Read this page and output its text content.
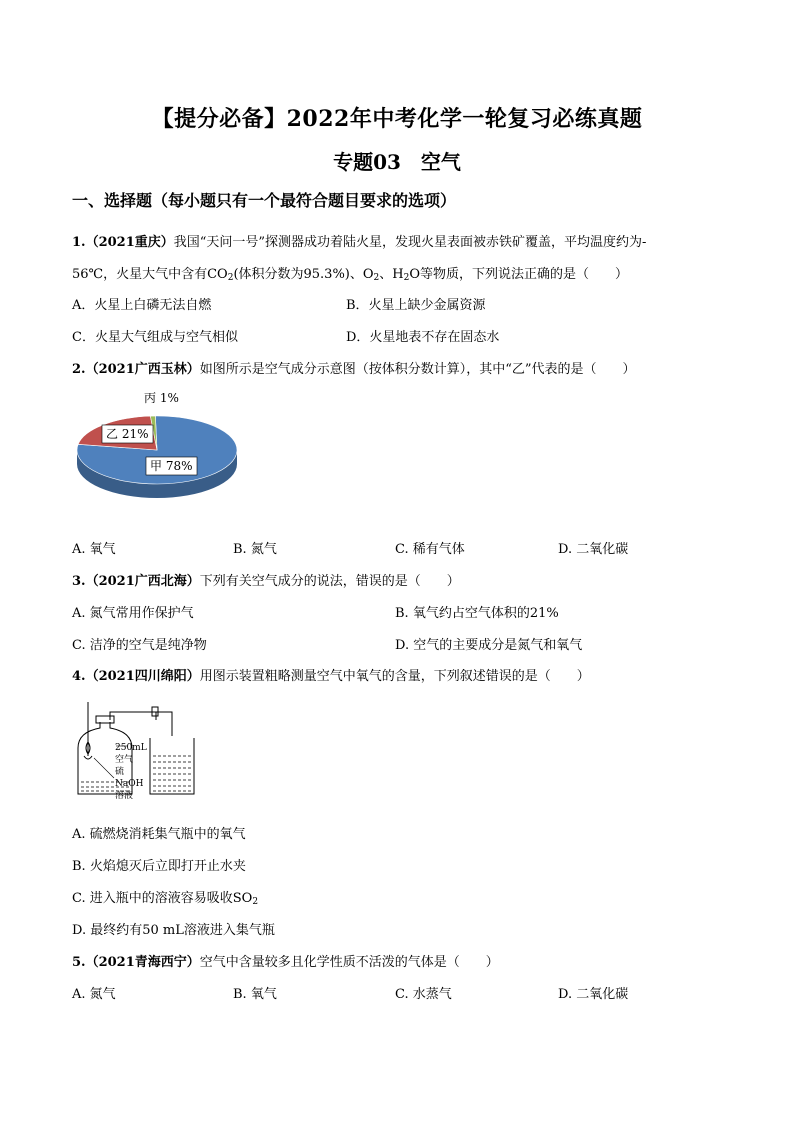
【提分必备】2022年中考化学一轮复习必练真题
专题03　空气
一、选择题（每小题只有一个最符合题目要求的选项）
1.（2021重庆）我国“天问一号”探测器成功着陆火星，发现火星表面被赤铁矿覆盖，平均温度约为-
56℃，火星大气中含有$CO_2$(体积分数为95.3%)、$O_2$、$H_2O$等物质，下列说法正确的是（　　）
A．火星上白磷无法自燃	B．火星上缺少金属资源
C．火星大气组成与空气相似	D．火星地表不存在固态水
2.（2021广西玉林）如图所示是空气成分示意图（按体积分数计算），其中“乙”代表的是（　　）
甲 78%
乙 21%
丙 1%
A. 氧气	B. 氮气	C. 稀有气体	D. 二氧化碳
3.（2021广西北海）下列有关空气成分的说法，错误的是（　　）
A. 氮气常用作保护气	B. 氧气约占空气体积的21%
C. 洁净的空气是纯净物	D. 空气的主要成分是氮气和氧气
4.（2021四川绵阳）用图示装置粗略测量空气中氧气的含量，下列叙述错误的是（　　）
250mL
空气
硫
NaOH
溶液
A. 硫燃烧消耗集气瓶中的氧气
B. 火焰熄灭后立即打开止水夹
C. 进入瓶中的溶液容易吸收$SO_2$
D. 最终约有50 mL溶液进入集气瓶
5.（2021青海西宁）空气中含量较多且化学性质不活泼的气体是（　　）
A. 氮气	B. 氧气	C. 水蒸气	D. 二氧化碳
